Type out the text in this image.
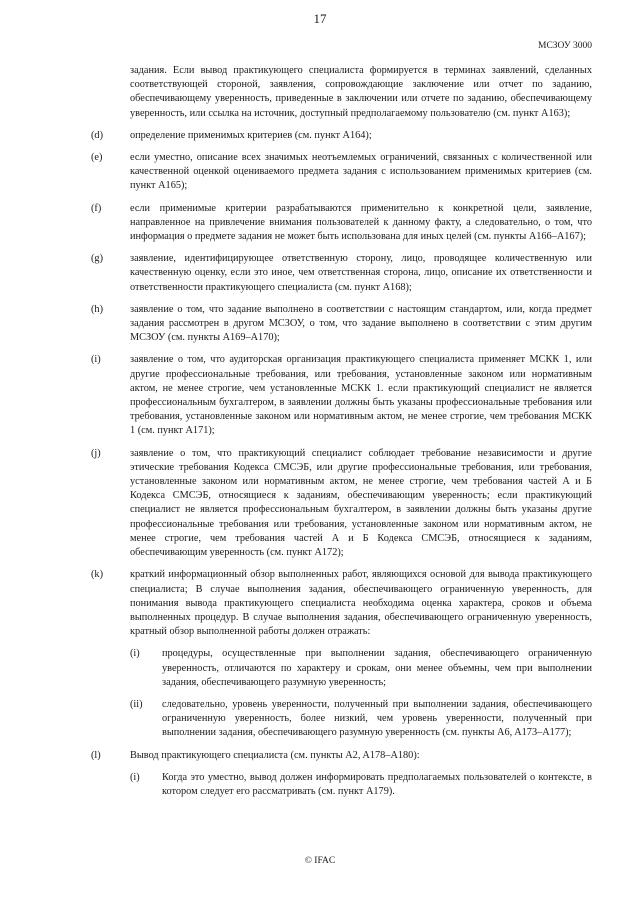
17
МСЗОУ 3000
задания. Если вывод практикующего специалиста формируется в терминах заявлений, сделанных соответствующей стороной, заявления, сопровождающие заключение или отчет по заданию, обеспечивающему уверенность, приведенные в заключении или отчете по заданию, обеспечивающему уверенность, или ссылка на источник, доступный предполагаемому пользователю (см. пункт A163);
(d)	определение применимых критериев (см. пункт A164);
(e)	если уместно, описание всех значимых неотъемлемых ограничений, связанных с количественной или качественной оценкой оцениваемого предмета задания с использованием применимых критериев (см. пункт A165);
(f)	если применимые критерии разрабатываются применительно к конкретной цели, заявление, направленное на привлечение внимания пользователей к данному факту, а следовательно, о том, что информация о предмете задания не может быть использована для иных целей (см. пункты A166–A167);
(g)	заявление, идентифицирующее ответственную сторону, лицо, проводящее количественную или качественную оценку, если это иное, чем ответственная сторона, лицо, описание их ответственности и ответственности практикующего специалиста (см. пункт A168);
(h)	заявление о том, что задание выполнено в соответствии с настоящим стандартом, или, когда предмет задания рассмотрен в другом МСЗОУ, о том, что задание выполнено в соответствии с этим другим МСЗОУ (см. пункты A169–A170);
(i)	заявление о том, что аудиторская организация практикующего специалиста применяет МСКК 1, или другие профессиональные требования, или требования, установленные законом или нормативным актом, не менее строгие, чем установленные МСКК 1. если практикующий специалист не является профессиональным бухгалтером, в заявлении должны быть указаны профессиональные требования или требования, установленные законом или нормативным актом, не менее строгие, чем требования МСКК 1 (см. пункт A171);
(j)	заявление о том, что практикующий специалист соблюдает требование независимости и другие этические требования Кодекса СМСЭБ, или другие профессиональные требования, или требования, установленные законом или нормативным актом, не менее строгие, чем требования частей А и Б Кодекса СМСЭБ, относящиеся к заданиям, обеспечивающим уверенность; если практикующий специалист не является профессиональным бухгалтером, в заявлении должны быть указаны другие профессиональные требования или требования, установленные законом или нормативным актом, не менее строгие, чем требования частей А и Б Кодекса СМСЭБ, относящиеся к заданиям, обеспечивающим уверенность (см. пункт A172);
(k)	краткий информационный обзор выполненных работ, являющихся основой для вывода практикующего специалиста; В случае выполнения задания, обеспечивающего ограниченную уверенность, для понимания вывода практикующего специалиста необходима оценка характера, сроков и объема выполненных процедур. В случае выполнения задания, обеспечивающего ограниченную уверенность, кратный обзор выполненной работы должен отражать:
(i) процедуры, осуществленные при выполнении задания, обеспечивающего ограниченную уверенность, отличаются по характеру и срокам, они менее объемны, чем при выполнении задания, обеспечивающего разумную уверенность;
(ii) следовательно, уровень уверенности, полученный при выполнении задания, обеспечивающего ограниченную уверенность, более низкий, чем уровень уверенности, полученный при выполнении задания, обеспечивающего разумную уверенность (см. пункты A6, A173–A177);
(l)	Вывод практикующего специалиста (см. пункты A2, A178–A180):
(i) Когда это уместно, вывод должен информировать предполагаемых пользователей о контексте, в котором следует его рассматривать (см. пункт A179).
© IFAC
